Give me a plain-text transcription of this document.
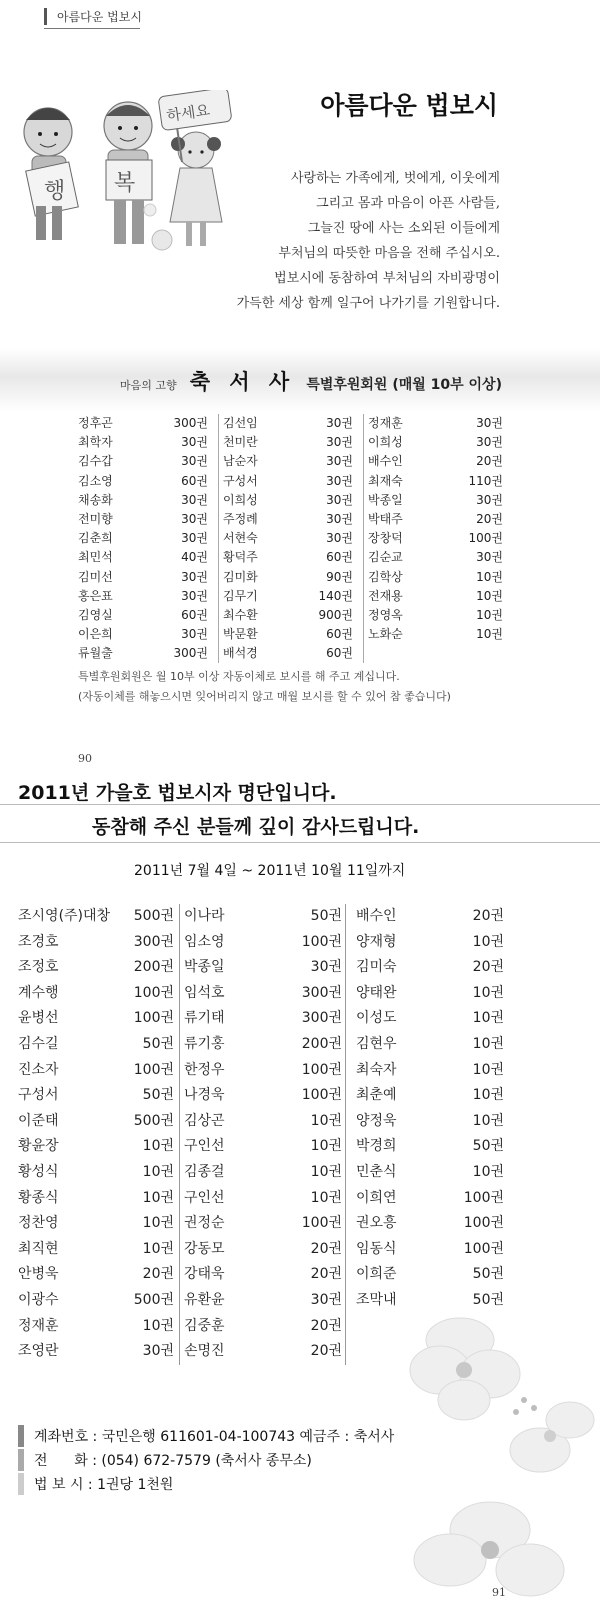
아름다운 법보시
행 복
하세요	아름다운 법보시
사랑하는 가족에게, 벗에게, 이웃에게
그리고 몸과 마음이 아픈 사람들,
그늘진 땅에 사는 소외된 이들에게
부처님의 따뜻한 마음을 전해 주십시오.
법보시에 동참하여 부처님의 자비광명이
가득한 세상 함께 일구어 나가기를 기원합니다.
마음의 고향 축 서 사 특별후원회원 (매월 10부 이상)
정후곤	300권 김선임	30권 정재훈	30권
최학자	30권 천미란	30권 이희성	30권
김수갑	30권 남순자	30권 배수인	20권
김소영	60권 구성서	30권 최재숙	110권
채송화	30권 이희성	30권 박종일	30권
전미향	30권 주정례	30권 박태주	20권
김춘희	30권 서현숙	30권 장창덕	100권
최민석	40권 황덕주	60권 김순교	30권
김미선	30권 김미화	90권 김학상	10권
홍은표	30권 김무기	140권 전재용	10권
김영실	60권 최수환	900권 정영옥	10권
이은희	30권 박문환	60권 노화순	10권
류월출	300권 배석경	60권
특별후원회원은 월 10부 이상 자동이체로 보시를 해 주고 계십니다.
(자동이체를 해놓으시면 잊어버리지 않고 매월 보시를 할 수 있어 참 좋습니다)
90
2011년 가을호 법보시자 명단입니다.
동참해 주신 분들께 깊이 감사드립니다.
2011년 7월 4일 ~ 2011년 10월 11일까지
조시영(주)대창	500권 이나라	50권 배수인	20권
조경호	300권 임소영	100권 양재형	10권
조정호	200권 박종일	30권 김미숙	20권
계수행	100권 임석호	300권 양태완	10권
윤병선	100권 류기태	300권 이성도	10권
김수길	50권 류기홍	200권 김현우	10권
진소자	100권 한정우	100권 최숙자	10권
구성서	50권 나경욱	100권 최춘예	10권
이준태	500권 김상곤	10권 양정욱	10권
황윤장	10권 구인선	10권 박경희	50권
황성식	10권 김종걸	10권 민춘식	10권
황종식	10권 구인선	10권 이희연	100권
정찬영	10권 권정순	100권 권오흥	100권
최직현	10권 강동모	20권 임동식	100권
안병욱	20권 강태욱	20권 이희준	50권
이광수	500권 유환윤	30권 조막내	50권
정재훈	10권 김중훈	20권
조영란	30권 손명진	20권
계좌번호 : 국민은행 611601-04-100743 예금주 : 축서사
전      화 : (054) 672-7579 (축서사 종무소)
법 보 시 : 1권당 1천원
91
